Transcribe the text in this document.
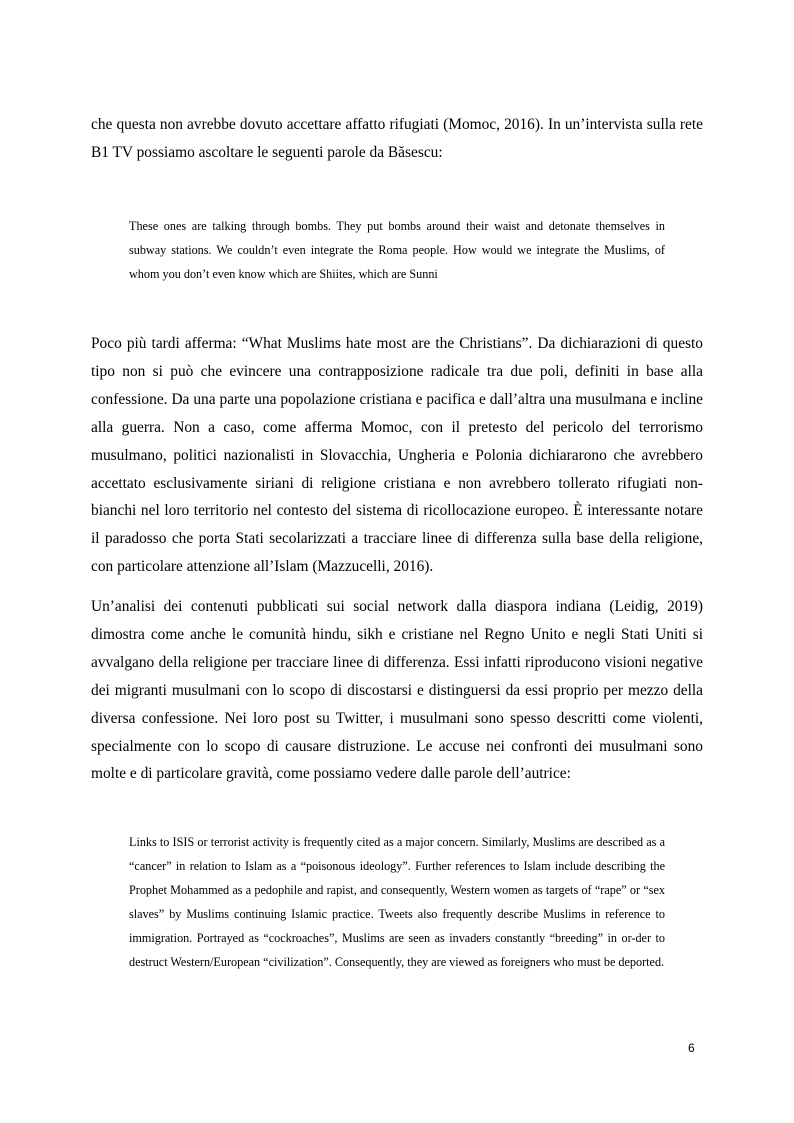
che questa non avrebbe dovuto accettare affatto rifugiati (Momoc, 2016). In un’intervista sulla rete B1 TV possiamo ascoltare le seguenti parole da Băsescu:

These ones are talking through bombs. They put bombs around their waist and detonate themselves in subway stations. We couldn’t even integrate the Roma people. How would we integrate the Muslims, of whom you don’t even know which are Shiites, which are Sunni

Poco più tardi afferma: “What Muslims hate most are the Christians”. Da dichiarazioni di questo tipo non si può che evincere una contrapposizione radicale tra due poli, definiti in base alla confessione. Da una parte una popolazione cristiana e pacifica e dall’altra una musulmana e incline alla guerra. Non a caso, come afferma Momoc, con il pretesto del pericolo del terrorismo musulmano, politici nazionalisti in Slovacchia, Ungheria e Polonia dichiararono che avrebbero accettato esclusivamente siriani di religione cristiana e non avrebbero tollerato rifugiati non-bianchi nel loro territorio nel contesto del sistema di ricollocazione europeo. È interessante notare il paradosso che porta Stati secolarizzati a tracciare linee di differenza sulla base della religione, con particolare attenzione all’Islam (Mazzucelli, 2016).

Un’analisi dei contenuti pubblicati sui social network dalla diaspora indiana (Leidig, 2019) dimostra come anche le comunità hindu, sikh e cristiane nel Regno Unito e negli Stati Uniti si avvalgano della religione per tracciare linee di differenza. Essi infatti riproducono visioni negative dei migranti musulmani con lo scopo di discostarsi e distinguersi da essi proprio per mezzo della diversa confessione. Nei loro post su Twitter, i musulmani sono spesso descritti come violenti, specialmente con lo scopo di causare distruzione. Le accuse nei confronti dei musulmani sono molte e di particolare gravità, come possiamo vedere dalle parole dell’autrice:

Links to ISIS or terrorist activity is frequently cited as a major concern. Similarly, Muslims are described as a “cancer” in relation to Islam as a “poisonous ideology”. Further references to Islam include describing the Prophet Mohammed as a pedophile and rapist, and consequently, Western women as targets of “rape” or “sex slaves” by Muslims continuing Islamic practice. Tweets also frequently describe Muslims in reference to immigration. Portrayed as “cockroaches”, Muslims are seen as invaders constantly “breeding” in or-der to destruct Western/European “civilization”. Consequently, they are viewed as foreigners who must be deported.

6
